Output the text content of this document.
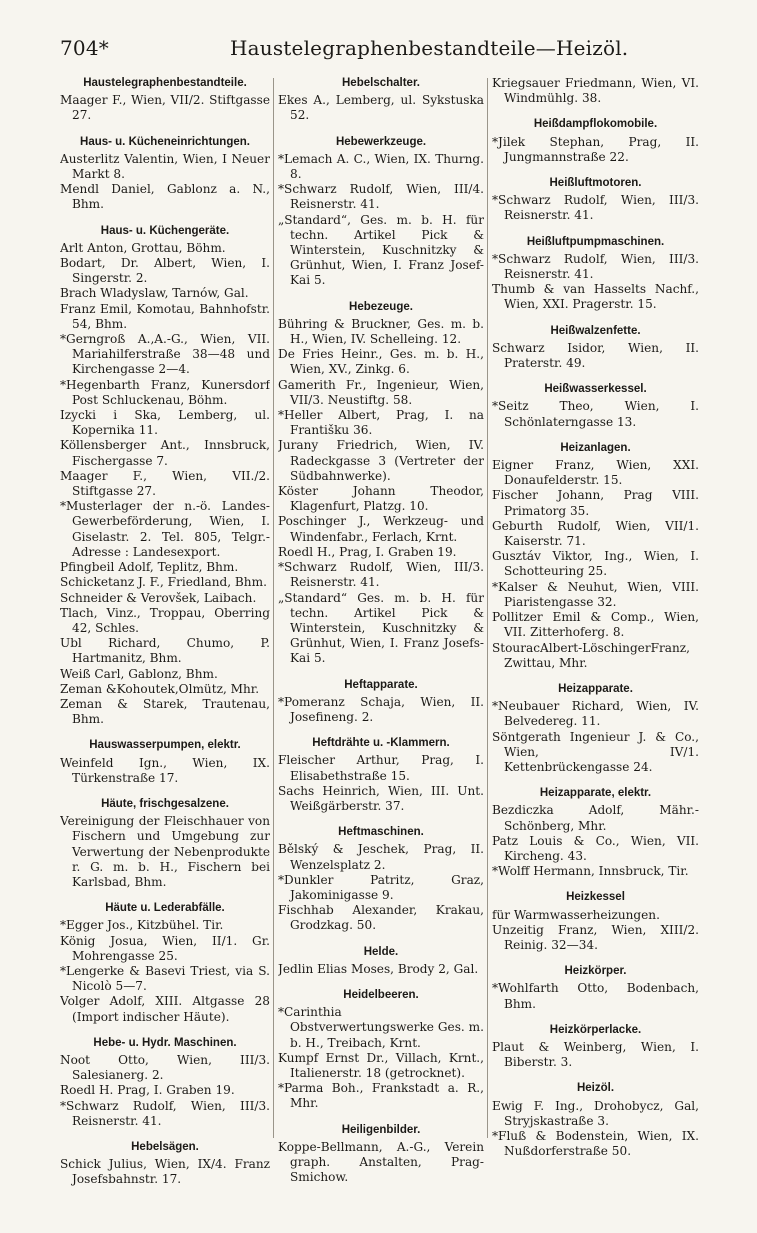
704*	Haustelegraphenbestandteile—Heizöl.
Haustelegraphenbestandteile.
Maager F., Wien, VII/2. Stiftgasse 27.
Haus- u. Kücheneinrichtungen.
Austerlitz Valentin, Wien, I Neuer Markt 8.
Mendl Daniel, Gablonz a. N., Bhm.
Haus- u. Küchengeräte.
Arlt Anton, Grottau, Böhm.
Bodart, Dr. Albert, Wien, I. Singerstr. 2.
Brach Wladyslaw, Tarnów, Gal.
Franz Emil, Komotau, Bahnhofstr. 54, Bhm.
*Gerngroß A.,A.-G., Wien, VII. Mariahilferstraße 38—48 und Kirchengasse 2—4.
*Hegenbarth Franz, Kunersdorf Post Schluckenau, Böhm.
Izycki i Ska, Lemberg, ul. Kopernika 11.
Köllensberger Ant., Innsbruck, Fischergasse 7.
Maager F., Wien, VII./2. Stiftgasse 27.
*Musterlager der n.-ö. Landes-Gewerbeförderung, Wien, I. Giselastr. 2. Tel. 805, Telgr.-Adresse : Landesexport.
Pfingbeil Adolf, Teplitz, Bhm.
Schicketanz J. F., Friedland, Bhm.
Schneider & Verovšek, Laibach.
Tlach, Vinz., Troppau, Oberring 42, Schles.
Ubl Richard, Chumo, P. Hartmanitz, Bhm.
Weiß Carl, Gablonz, Bhm.
Zeman &Kohoutek,Olmütz, Mhr.
Zeman & Starek, Trautenau, Bhm.
Hauswasserpumpen, elektr.
Weinfeld Ign., Wien, IX. Türkenstraße 17.
Häute, frischgesalzene.
Vereinigung der Fleischhauer von Fischern und Umgebung zur Verwertung der Nebenprodukte r. G. m. b. H., Fischern bei Karlsbad, Bhm.
Häute u. Lederabfälle.
*Egger Jos., Kitzbühel. Tir.
König Josua, Wien, II/1. Gr. Mohrengasse 25.
*Lengerke & Basevi Triest, via S. Nicolò 5—7.
Volger Adolf, XIII. Altgasse 28 (Import indischer Häute).
Hebe- u. Hydr. Maschinen.
Noot Otto, Wien, III/3. Salesianerg. 2.
Roedl H. Prag, I. Graben 19.
*Schwarz Rudolf, Wien, III/3. Reisnerstr. 41.
Hebelsägen.
Schick Julius, Wien, IX/4. Franz Josefsbahnstr. 17.
Hebelschalter.
Ekes A., Lemberg, ul. Sykstuska 52.
Hebewerkzeuge.
*Lemach A. C., Wien, IX. Thurng. 8.
*Schwarz Rudolf, Wien, III/4. Reisnerstr. 41.
„Standard“, Ges. m. b. H. für techn. Artikel Pick & Winterstein, Kuschnitzky & Grünhut, Wien, I. Franz Josef-Kai 5.
Hebezeuge.
Bühring & Bruckner, Ges. m. b. H., Wien, IV. Schelleing. 12.
De Fries Heinr., Ges. m. b. H., Wien, XV., Zinkg. 6.
Gamerith Fr., Ingenieur, Wien, VII/3. Neustiftg. 58.
*Heller Albert, Prag, I. na Františku 36.
Jurany Friedrich, Wien, IV. Radeckgasse 3 (Vertreter der Südbahnwerke).
Köster Johann Theodor, Klagenfurt, Platzg. 10.
Poschinger J., Werkzeug- und Windenfabr., Ferlach, Krnt.
Roedl H., Prag, I. Graben 19.
*Schwarz Rudolf, Wien, III/3. Reisnerstr. 41.
„Standard“ Ges. m. b. H. für techn. Artikel Pick & Winterstein, Kuschnitzky & Grünhut, Wien, I. Franz Josefs-Kai 5.
Heftapparate.
*Pomeranz Schaja, Wien, II. Josefineng. 2.
Heftdrähte u. -Klammern.
Fleischer Arthur, Prag, I. Elisabethstraße 15.
Sachs Heinrich, Wien, III. Unt. Weißgärberstr. 37.
Heftmaschinen.
Bělský & Jeschek, Prag, II. Wenzelsplatz 2.
*Dunkler Patritz, Graz, Jakominigasse 9.
Fischhab Alexander, Krakau, Grodzkag. 50.
Helde.
Jedlin Elias Moses, Brody 2, Gal.
Heidelbeeren.
*Carinthia Obstverwertungswerke Ges. m. b. H., Treibach, Krnt.
Kumpf Ernst Dr., Villach, Krnt., Italienerstr. 18 (getrocknet).
*Parma Boh., Frankstadt a. R., Mhr.
Heiligenbilder.
Koppe-Bellmann, A.-G., Verein graph. Anstalten, Prag-Smichow.
Kriegsauer Friedmann, Wien, VI. Windmühlg. 38.
Heißdampflokomobile.
*Jilek Stephan, Prag, II. Jungmannstraße 22.
Heißluftmotoren.
*Schwarz Rudolf, Wien, III/3. Reisnerstr. 41.
Heißluftpumpmaschinen.
*Schwarz Rudolf, Wien, III/3. Reisnerstr. 41.
Thumb & van Hasselts Nachf., Wien, XXI. Pragerstr. 15.
Heißwalzenfette.
Schwarz Isidor, Wien, II. Praterstr. 49.
Heißwasserkessel.
*Seitz Theo, Wien, I. Schönlaterngasse 13.
Heizanlagen.
Eigner Franz, Wien, XXI. Donaufelderstr. 15.
Fischer Johann, Prag VIII. Primatorg 35.
Geburth Rudolf, Wien, VII/1. Kaiserstr. 71.
Gusztáv Viktor, Ing., Wien, I. Schotteuring 25.
*Kalser & Neuhut, Wien, VIII. Piaristengasse 32.
Pollitzer Emil & Comp., Wien, VII. Zitterhoferg. 8.
StouracAlbert-LöschingerFranz, Zwittau, Mhr.
Heizapparate.
*Neubauer Richard, Wien, IV. Belvedereg. 11.
Söntgerath Ingenieur J. & Co., Wien, IV/1. Kettenbrückengasse 24.
Heizapparate, elektr.
Bezdiczka Adolf, Mähr.-Schönberg, Mhr.
Patz Louis & Co., Wien, VII. Kircheng. 43.
*Wolff Hermann, Innsbruck, Tir.
Heizkessel
für Warmwasserheizungen.
Unzeitig Franz, Wien, XIII/2. Reinig. 32—34.
Heizkörper.
*Wohlfarth Otto, Bodenbach, Bhm.
Heizkörperlacke.
Plaut & Weinberg, Wien, I. Biberstr. 3.
Heizöl.
Ewig F. Ing., Drohobycz, Gal, Stryjskastraße 3.
*Fluß & Bodenstein, Wien, IX. Nußdorferstraße 50.
